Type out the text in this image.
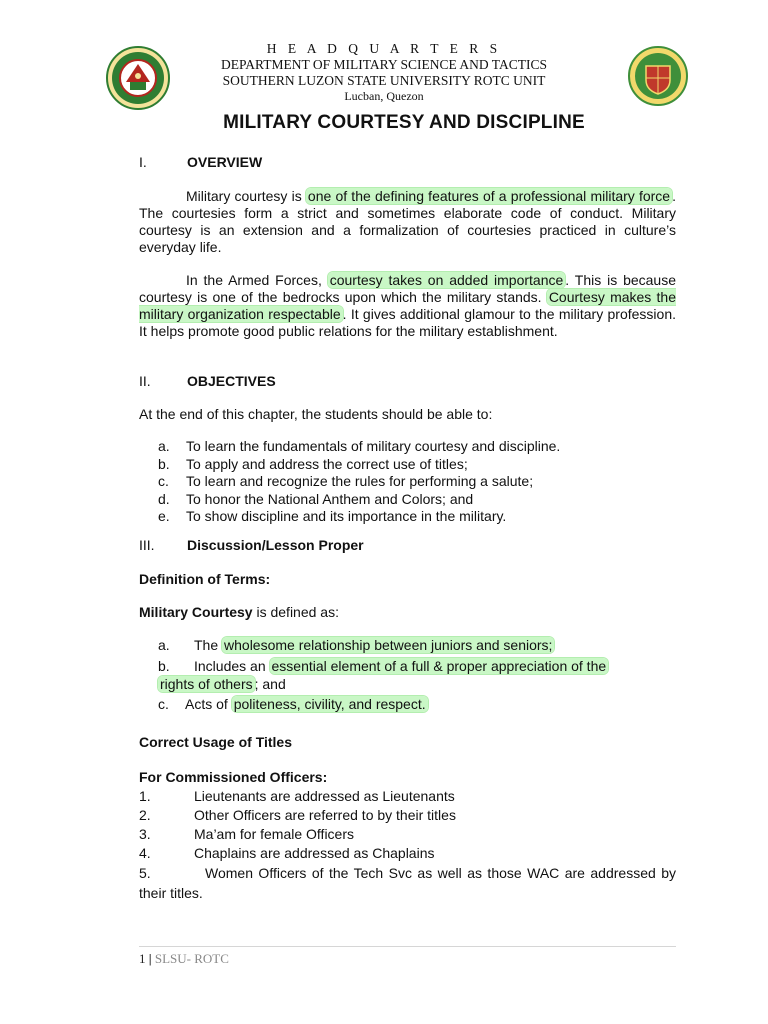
H E A D Q U A R T E R S
DEPARTMENT OF MILITARY SCIENCE AND TACTICS
SOUTHERN LUZON STATE UNIVERSITY ROTC UNIT
Lucban, Quezon
MILITARY COURTESY AND DISCIPLINE
I.	OVERVIEW
Military courtesy is one of the defining features of a professional military force . The courtesies form a strict and sometimes elaborate code of conduct. Military courtesy is an extension and a formalization of courtesies practiced in culture’s everyday life.
In the Armed Forces, courtesy takes on added importance . This is because courtesy is one of the bedrocks upon which the military stands. Courtesy makes the military organization respectable . It gives additional glamour to the military profession. It helps promote good public relations for the military establishment.
II.	OBJECTIVES
At the end of this chapter, the students should be able to:
a. To learn the fundamentals of military courtesy and discipline.
b. To apply and address the correct use of titles;
c. To learn and recognize the rules for performing a salute;
d. To honor the National Anthem and Colors; and
e. To show discipline and its importance in the military.
III. Discussion/Lesson Proper
Definition of Terms:
Military Courtesy is defined as:
a. The wholesome relationship between juniors and seniors;
b. Includes an essential element of a full & proper appreciation of the
rights of others ; and
c. Acts of politeness, civility, and respect.
Correct Usage of Titles
For Commissioned Officers:
1.	Lieutenants are addressed as Lieutenants
2.	Other Officers are referred to by their titles
3.	Ma’am for female Officers
4.	Chaplains are addressed as Chaplains
5.	Women Officers of the Tech Svc as well as those WAC are addressed by their titles.
1 | SLSU- ROTC
